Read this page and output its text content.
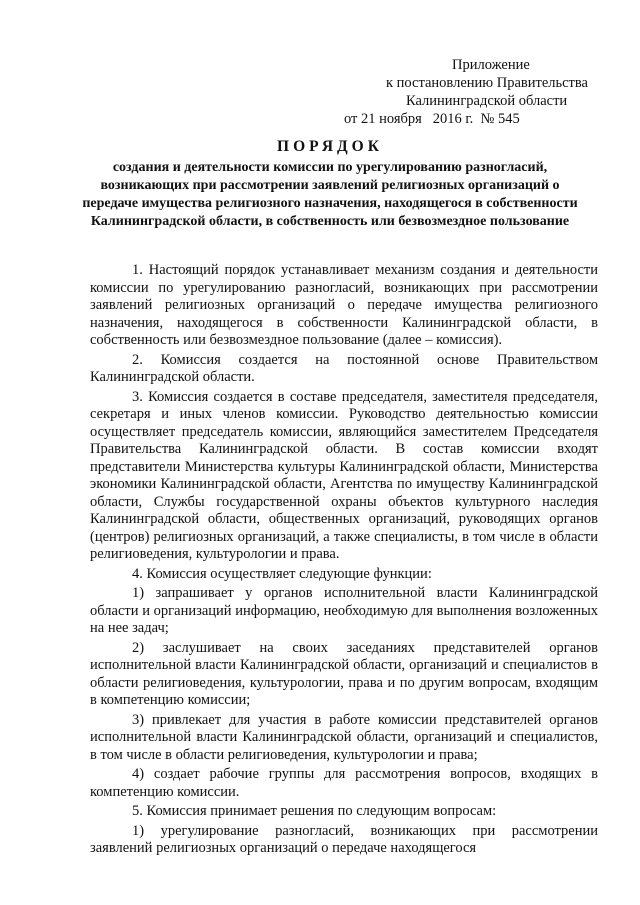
Приложение
к постановлению Правительства
Калининградской области
от 21 ноября   2016 г.  № 545
ПОРЯДОК
создания и деятельности комиссии по урегулированию разногласий, возникающих при рассмотрении заявлений религиозных организаций о передаче имущества религиозного назначения, находящегося в собственности Калининградской области, в собственность или безвозмездное пользование

1. Настоящий порядок устанавливает механизм создания и деятельности комиссии по урегулированию разногласий, возникающих при рассмотрении заявлений религиозных организаций о передаче имущества религиозного назначения, находящегося в собственности Калининградской области, в собственность или безвозмездное пользование (далее – комиссия).

2. Комиссия создается на постоянной основе Правительством Калининградской области.

3. Комиссия создается в составе председателя, заместителя председателя, секретаря и иных членов комиссии. Руководство деятельностью комиссии осуществляет председатель комиссии, являющийся заместителем Председателя Правительства Калининградской области. В состав комиссии входят представители Министерства культуры Калининградской области, Министерства экономики Калининградской области, Агентства по имуществу Калининградской области, Службы государственной охраны объектов культурного наследия Калининградской области, общественных организаций, руководящих органов (центров) религиозных организаций, а также специалисты, в том числе в области религиоведения, культурологии и права.

4. Комиссия осуществляет следующие функции:

1) запрашивает у органов исполнительной власти Калининградской области и организаций информацию, необходимую для выполнения возложенных на нее задач;

2) заслушивает на своих заседаниях представителей органов исполнительной власти Калининградской области, организаций и специалистов в области религиоведения, культурологии, права и по другим вопросам, входящим в компетенцию комиссии;

3) привлекает для участия в работе комиссии представителей органов исполнительной власти Калининградской области, организаций и специалистов, в том числе в области религиоведения, культурологии и права;

4) создает рабочие группы для рассмотрения вопросов, входящих в компетенцию комиссии.

5. Комиссия принимает решения по следующим вопросам:

1) урегулирование разногласий, возникающих при рассмотрении заявлений религиозных организаций о передаче находящегося
